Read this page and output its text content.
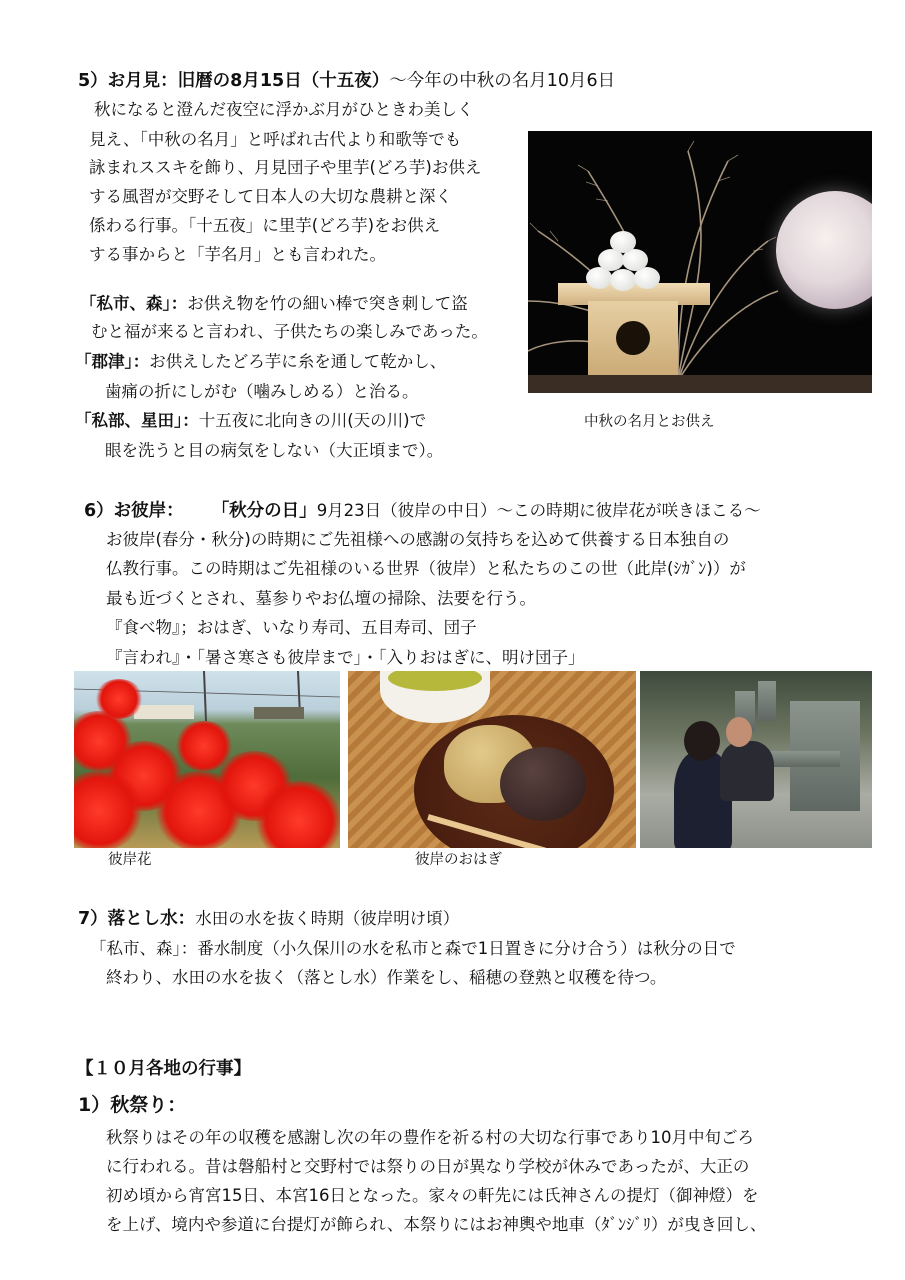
5）お月見：旧暦の8月15日（十五夜）〜今年の中秋の名月10月6日
秋になると澄んだ夜空に浮かぶ月がひときわ美しく
見え、「中秋の名月」と呼ばれ古代より和歌等でも
詠まれススキを飾り、月見団子や里芋(どろ芋)お供え
する風習が交野そして日本人の大切な農耕と深く
係わる行事。「十五夜」に里芋(どろ芋)をお供え
する事からと「芋名月」とも言われた。
「私市、森」：お供え物を竹の細い棒で突き刺して盗
むと福が来ると言われ、子供たちの楽しみであった。
「郡津」：お供えしたどろ芋に糸を通して乾かし、
歯痛の折にしがむ（噛みしめる）と治る。
「私部、星田」：十五夜に北向きの川(天の川)で
眼を洗うと目の病気をしない（大正頃まで）。
中秋の名月とお供え
6）お彼岸： 「秋分の日」9月23日（彼岸の中日）〜この時期に彼岸花が咲きほこる〜
お彼岸(春分・秋分)の時期にご先祖様への感謝の気持ちを込めて供養する日本独自の
仏教行事。この時期はご先祖様のいる世界（彼岸）と私たちのこの世（此岸(ｼｶﾞﾝ)）が
最も近づくとされ、墓参りやお仏壇の掃除、法要を行う。
『食べ物』；おはぎ、いなり寿司、五目寿司、団子
『言われ』・「暑さ寒さも彼岸まで」・「入りおはぎに、明け団子」
彼岸花	彼岸のおはぎ
7）落とし水：水田の水を抜く時期（彼岸明け頃）
「私市、森」：番水制度（小久保川の水を私市と森で1日置きに分け合う）は秋分の日で
終わり、水田の水を抜く（落とし水）作業をし、稲穂の登熟と収穫を待つ。
【１０月各地の行事】
1）秋祭り：
秋祭りはその年の収穫を感謝し次の年の豊作を祈る村の大切な行事であり10月中旬ごろ
に行われる。昔は磐船村と交野村では祭りの日が異なり学校が休みであったが、大正の
初め頃から宵宮15日、本宮16日となった。家々の軒先には氏神さんの提灯（御神燈）を
を上げ、境内や参道に台提灯が飾られ、本祭りにはお神輿や地車（ﾀﾞﾝｼﾞﾘ）が曳き回し、
